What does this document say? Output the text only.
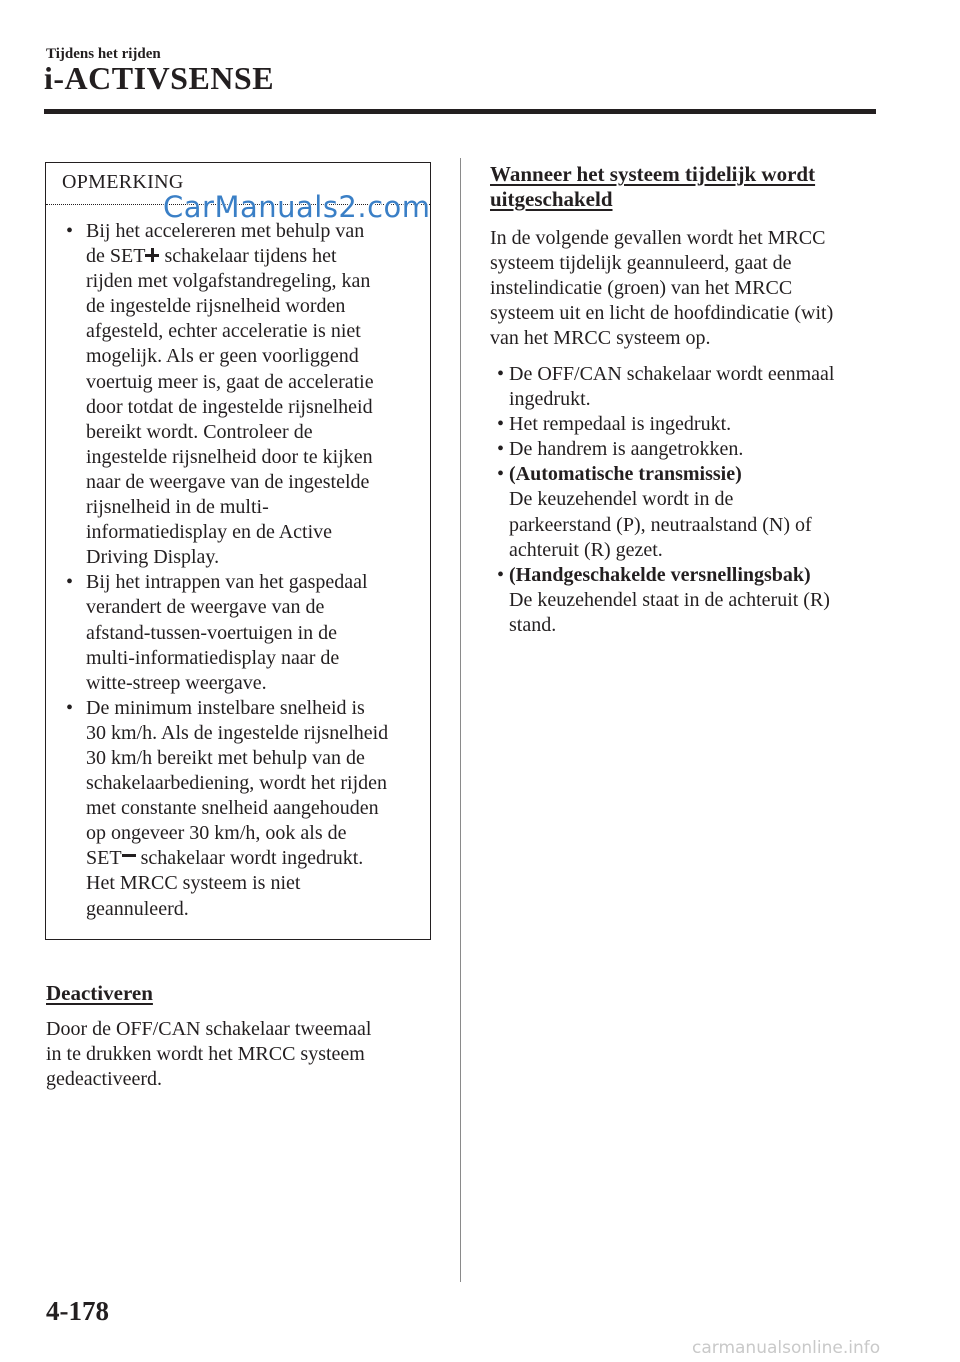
Tijdens het rijden
i-ACTIVSENSE
OPMERKING
• Bij het accelereren met behulp van
de SET schakelaar tijdens het
rijden met volgafstandregeling, kan
de ingestelde rijsnelheid worden
afgesteld, echter acceleratie is niet
mogelijk. Als er geen voorliggend
voertuig meer is, gaat de acceleratie
door totdat de ingestelde rijsnelheid
bereikt wordt. Controleer de
ingestelde rijsnelheid door te kijken
naar de weergave van de ingestelde
rijsnelheid in de multi-
informatiedisplay en de Active
Driving Display.
• Bij het intrappen van het gaspedaal
verandert de weergave van de
afstand-tussen-voertuigen in de
multi-informatiedisplay naar de
witte-streep weergave.
• De minimum instelbare snelheid is
30 km/h. Als de ingestelde rijsnelheid
30 km/h bereikt met behulp van de
schakelaarbediening, wordt het rijden
met constante snelheid aangehouden
op ongeveer 30 km/h, ook als de
SET schakelaar wordt ingedrukt.
Het MRCC systeem is niet
geannuleerd.
Deactiveren
Door de OFF/CAN schakelaar tweemaal
in te drukken wordt het MRCC systeem
gedeactiveerd.
Wanneer het systeem tijdelijk wordt
uitgeschakeld
In de volgende gevallen wordt het MRCC
systeem tijdelijk geannuleerd, gaat de
instelindicatie (groen) van het MRCC
systeem uit en licht de hoofdindicatie (wit)
van het MRCC systeem op.
• De OFF/CAN schakelaar wordt eenmaal
ingedrukt.
• Het rempedaal is ingedrukt.
• De handrem is aangetrokken.
• (Automatische transmissie)
De keuzehendel wordt in de
parkeerstand (P), neutraalstand (N) of
achteruit (R) gezet.
• (Handgeschakelde versnellingsbak)
De keuzehendel staat in de achteruit (R)
stand.
4-178
CarManuals2.com
carmanualsonline.info
